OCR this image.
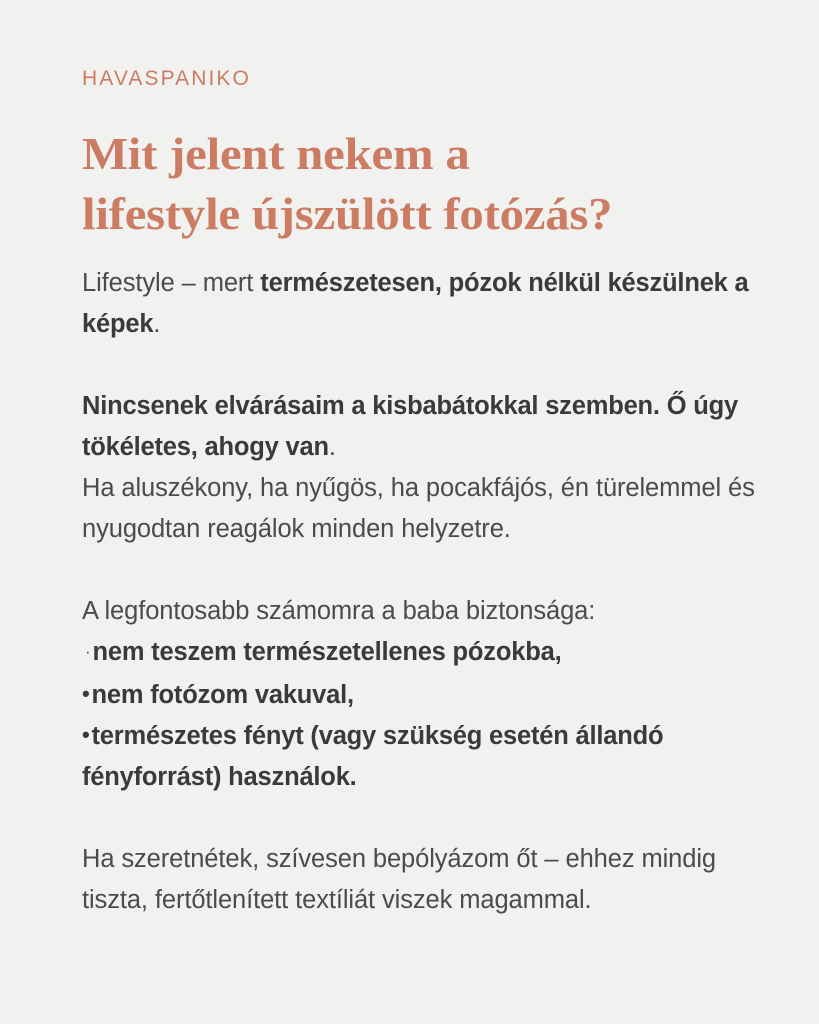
HAVASPANIKO
Mit jelent nekem a
lifestyle újszülött fotózás?

Lifestyle – mert természetesen, pózok nélkül készülnek a képek.

Nincsenek elvárásaim a kisbabátokkal szemben. Ő úgy tökéletes, ahogy van.

Ha aluszékony, ha nyűgös, ha pocakfájós, én türelemmel és nyugodtan reagálok minden helyzetre.

A legfontosabb számomra a baba biztonsága:

·nem teszem természetellenes pózokba,
•nem fotózom vakuval,
•természetes fényt (vagy szükség esetén állandó fényforrást) használok.

Ha szeretnétek, szívesen bepólyázom őt – ehhez mindig tiszta, fertőtlenített textíliát viszek magammal.
